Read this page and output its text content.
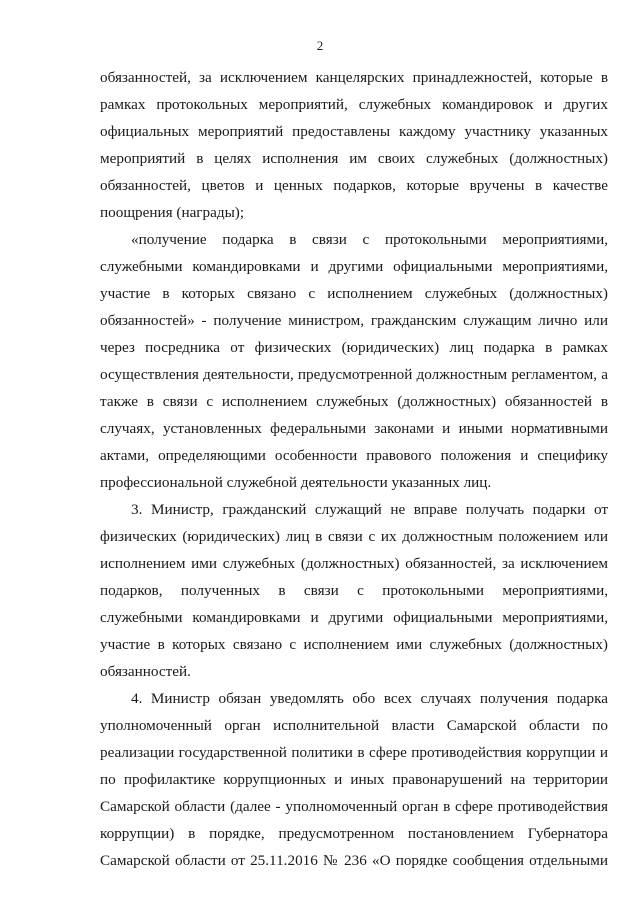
2
обязанностей, за исключением канцелярских принадлежностей, которые в
рамках протокольных мероприятий, служебных командировок и других
официальных мероприятий предоставлены каждому участнику указанных
мероприятий в целях исполнения им своих служебных (должностных)
обязанностей, цветов и ценных подарков, которые вручены в качестве
поощрения (награды);
«получение подарка в связи с протокольными мероприятиями,
служебными командировками и другими официальными мероприятиями,
участие в которых связано с исполнением служебных (должностных)
обязанностей» - получение министром, гражданским служащим лично или
через посредника от физических (юридических) лиц подарка в рамках
осуществления деятельности, предусмотренной должностным регламентом, а
также в связи с исполнением служебных (должностных) обязанностей в
случаях, установленных федеральными законами и иными нормативными
актами, определяющими особенности правового положения и специфику
профессиональной служебной деятельности указанных лиц.
3. Министр, гражданский служащий не вправе получать подарки от
физических (юридических) лиц в связи с их должностным положением или
исполнением ими служебных (должностных) обязанностей, за исключением
подарков, полученных в связи с протокольными мероприятиями,
служебными командировками и другими официальными мероприятиями,
участие в которых связано с исполнением ими служебных (должностных)
обязанностей.
4. Министр обязан уведомлять обо всех случаях получения подарка
уполномоченный орган исполнительной власти Самарской области по
реализации государственной политики в сфере противодействия коррупции и
по профилактике коррупционных и иных правонарушений на территории
Самарской области (далее - уполномоченный орган в сфере противодействия
коррупции) в порядке, предусмотренном постановлением Губернатора
Самарской области от 25.11.2016 № 236 «О порядке сообщения отдельными
